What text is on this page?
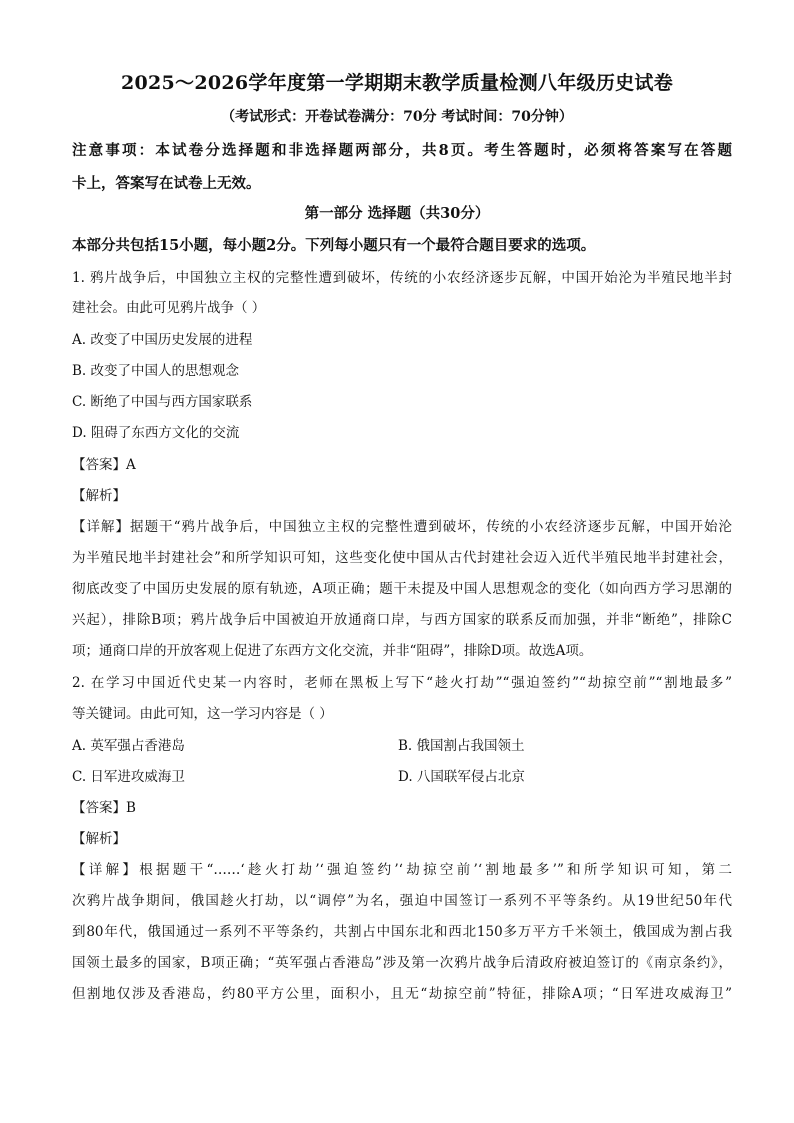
2025～2026学年度第一学期期末教学质量检测八年级历史试卷
（考试形式：开卷试卷满分：70分 考试时间：70分钟）
注意事项：本试卷分选择题和非选择题两部分，共8页。考生答题时，必须将答案写在答题
卡上，答案写在试卷上无效。
第一部分 选择题（共30分）
本部分共包括15小题，每小题2分。下列每小题只有一个最符合题目要求的选项。
1. 鸦片战争后，中国独立主权的完整性遭到破坏，传统的小农经济逐步瓦解，中国开始沦为半殖民地半封
建社会。由此可见鸦片战争（ ）
A. 改变了中国历史发展的进程
B. 改变了中国人的思想观念
C. 断绝了中国与西方国家联系
D. 阻碍了东西方文化的交流
【答案】A
【解析】
【详解】据题干“鸦片战争后，中国独立主权的完整性遭到破坏，传统的小农经济逐步瓦解，中国开始沦
为半殖民地半封建社会”和所学知识可知，这些变化使中国从古代封建社会迈入近代半殖民地半封建社会，
彻底改变了中国历史发展的原有轨迹，A项正确；题干未提及中国人思想观念的变化（如向西方学习思潮的
兴起），排除B项；鸦片战争后中国被迫开放通商口岸，与西方国家的联系反而加强，并非“断绝”，排除C
项；通商口岸的开放客观上促进了东西方文化交流，并非“阻碍”，排除D项。故选A项。
2. 在学习中国近代史某一内容时，老师在黑板上写下“趁火打劫”“强迫签约”“劫掠空前”“割地最多”
等关键词。由此可知，这一学习内容是（ ）
A. 英军强占香港岛	B. 俄国割占我国领土
C. 日军进攻威海卫	D. 八国联军侵占北京
【答案】B
【解析】
【详解】根据题干“……‘趁火打劫’‘强迫签约’‘劫掠空前’‘割地最多’”和所学知识可知，第二
次鸦片战争期间，俄国趁火打劫，以“调停”为名，强迫中国签订一系列不平等条约。从19世纪50年代
到80年代，俄国通过一系列不平等条约，共割占中国东北和西北150多万平方千米领土，俄国成为割占我
国领土最多的国家，B项正确；“英军强占香港岛”涉及第一次鸦片战争后清政府被迫签订的《南京条约》，
但割地仅涉及香港岛，约80平方公里，面积小，且无“劫掠空前”特征，排除A项；“日军进攻威海卫”
